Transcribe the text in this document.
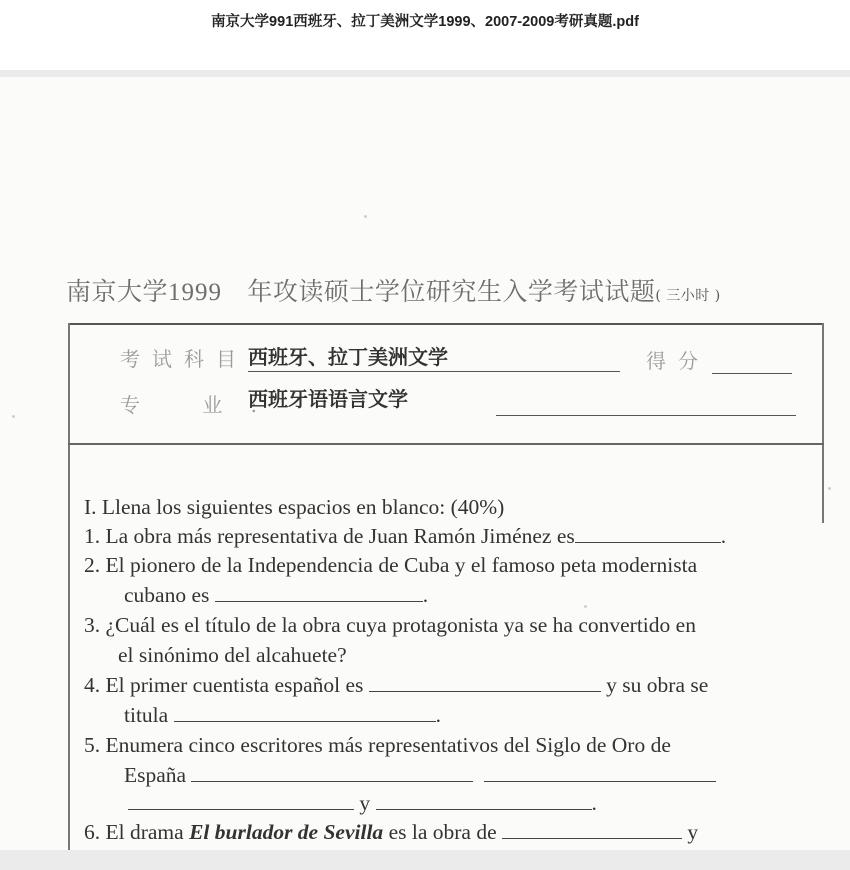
南京大学991西班牙、拉丁美洲文学1999、2007-2009考研真题.pdf
南京大学1999 年攻读硕士学位研究生入学考试试题( 三小时 )
考试科目 西班牙、拉丁美洲文学	得分
专 业:
西班牙语语言文学
I. Llena los siguientes espacios en blanco: (40%)
1. La obra más representativa de Juan Ramón Jiménez es	.
2. El pionero de la Independencia de Cuba y el famoso peta modernista
cubano es	.
3. ¿Cuál es el título de la obra cuya protagonista ya se ha convertido en
el sinónimo del alcahuete?
4. El primer cuentista español es	y su obra se
titula	.
5. Enumera cinco escritores más representativos del Siglo de Oro de
España
y	.
6. El drama El burlador de Sevilla es la obra de	y
